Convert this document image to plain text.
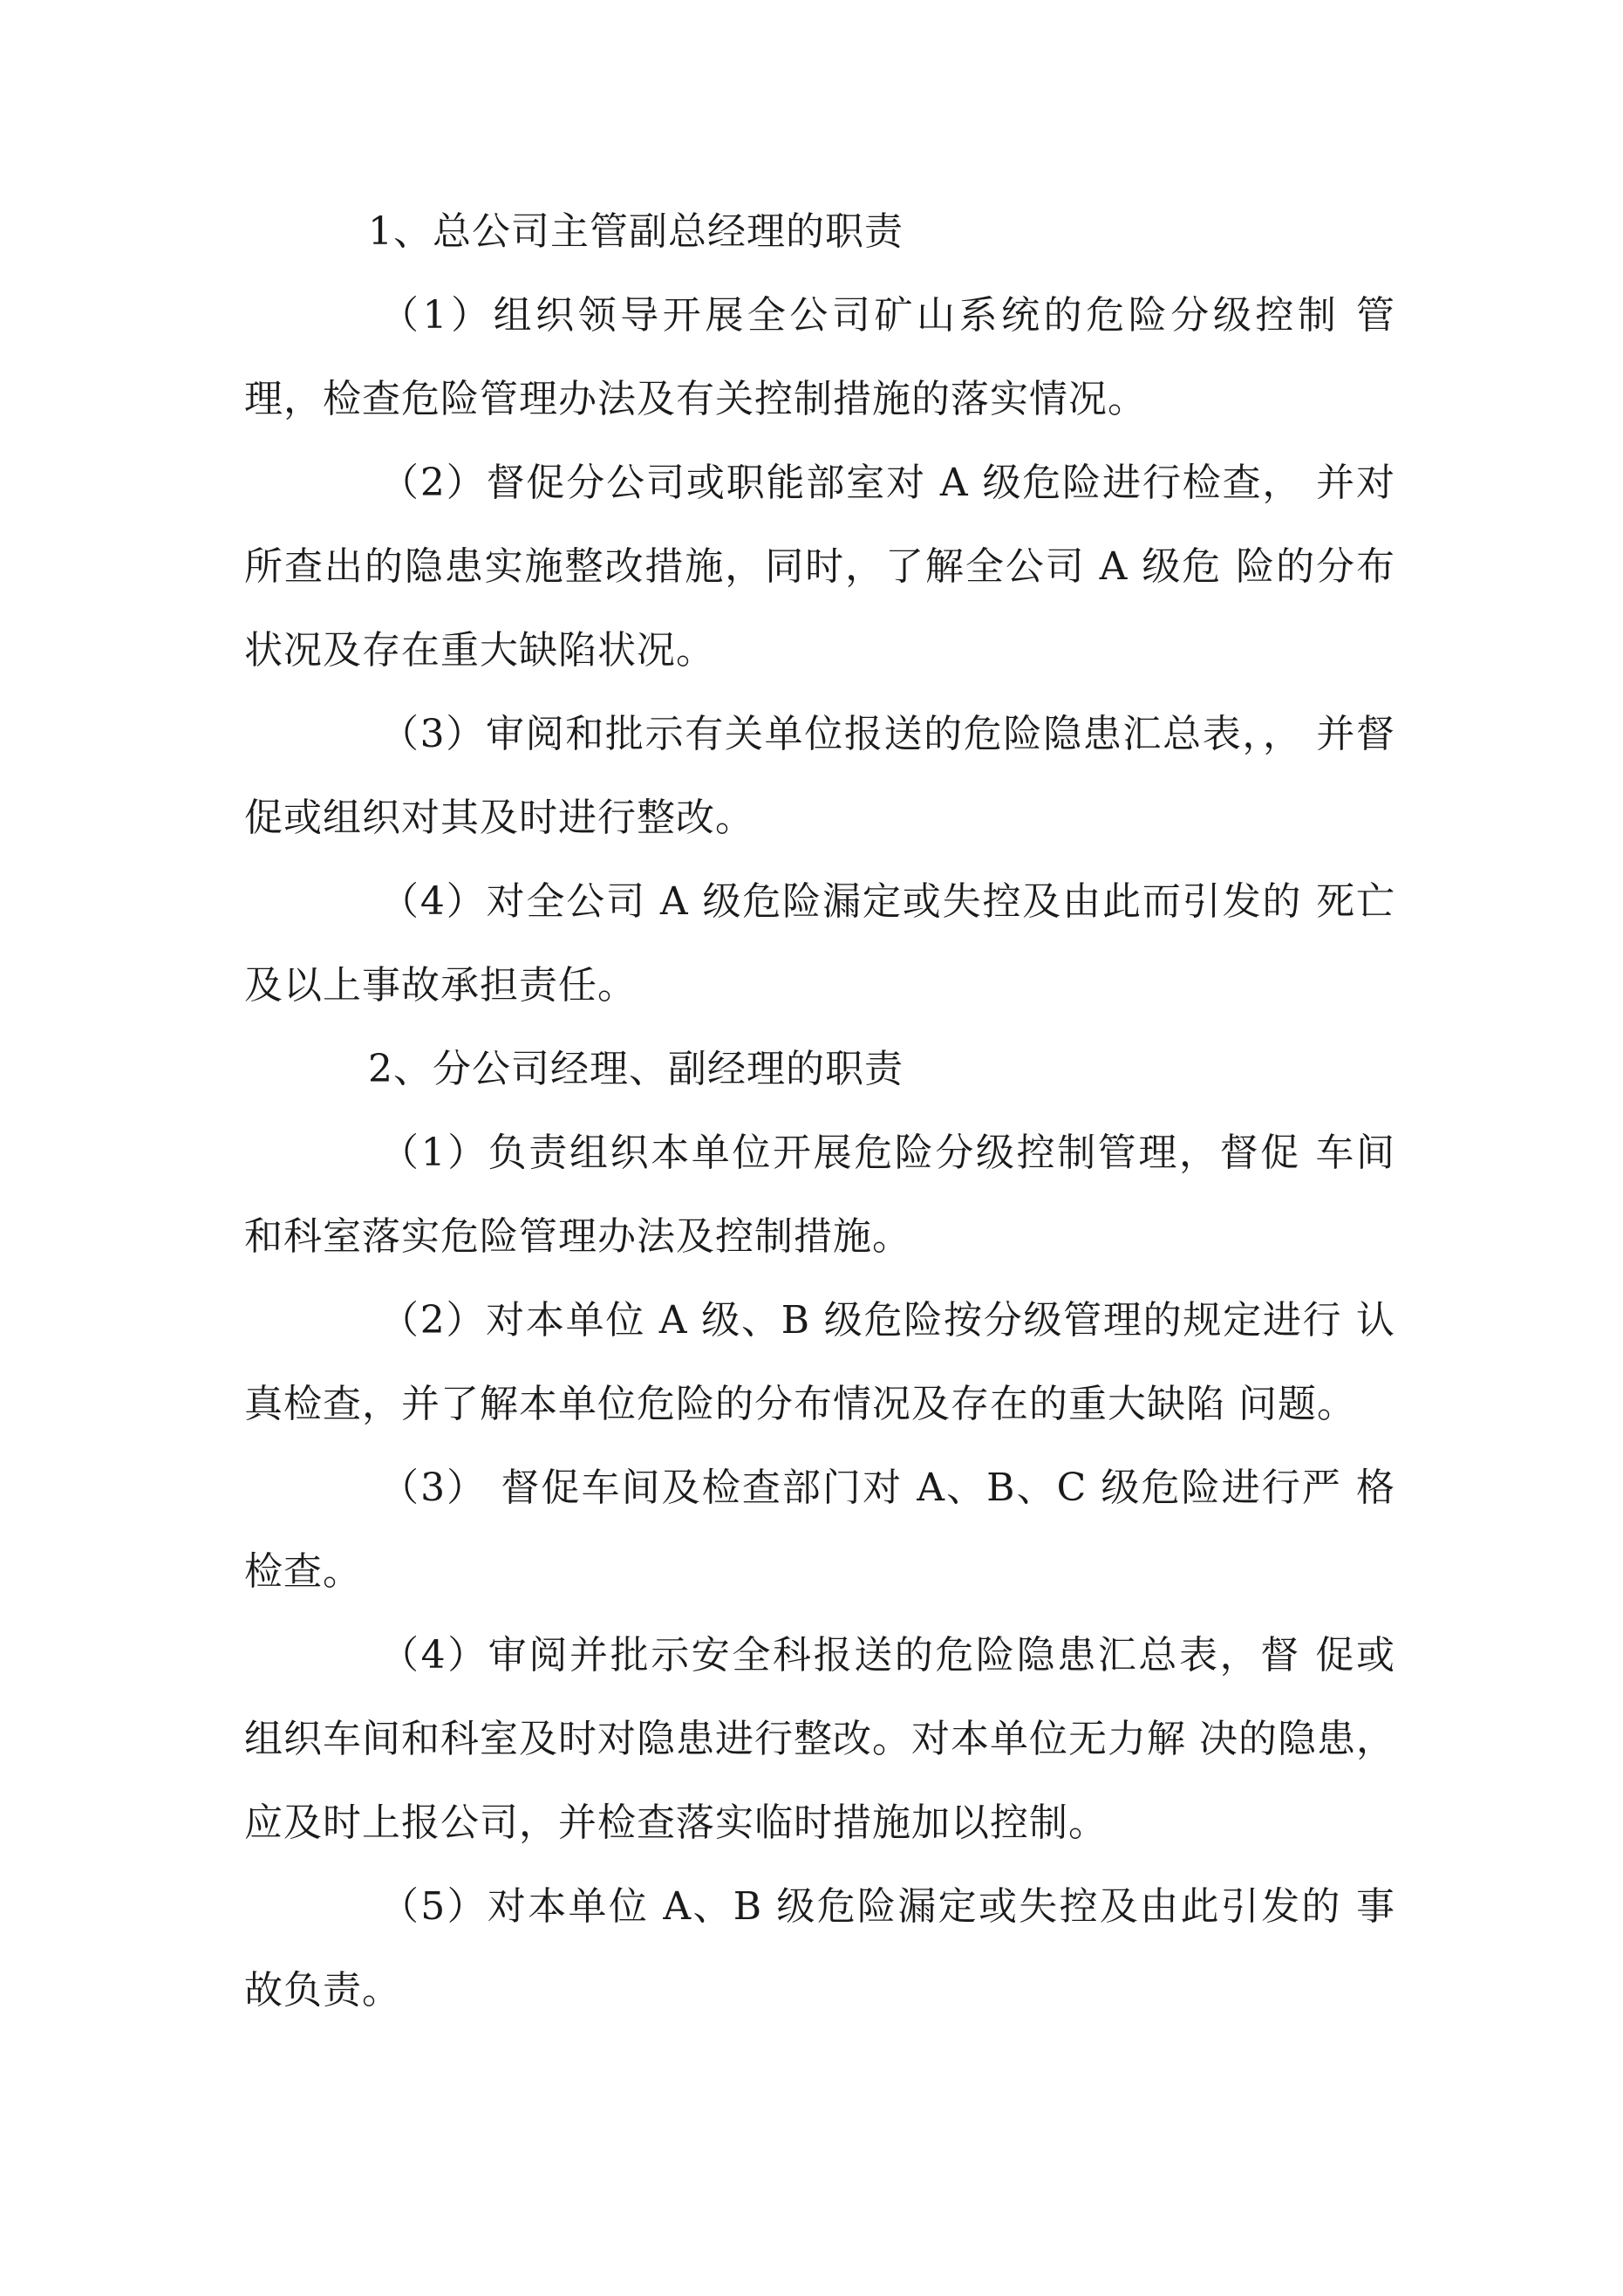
1、总公司主管副总经理的职责

（1）组织领导开展全公司矿山系统的危险分级控制 管理，检查危险管理办法及有关控制措施的落实情况。

（2）督促分公司或职能部室对 A 级危险进行检查， 并对所查出的隐患实施整改措施，同时，了解全公司 A 级危 险的分布状况及存在重大缺陷状况。

（3）审阅和批示有关单位报送的危险隐患汇总表，， 并督促或组织对其及时进行整改。

（4）对全公司 A 级危险漏定或失控及由此而引发的 死亡及以上事故承担责任。

2、分公司经理、副经理的职责

（1）负责组织本单位开展危险分级控制管理，督促 车间和科室落实危险管理办法及控制措施。

（2）对本单位 A 级、B 级危险按分级管理的规定进行 认真检查，并了解本单位危险的分布情况及存在的重大缺陷 问题。

（3） 督促车间及检查部门对 A、B、C 级危险进行严 格检查。

（4）审阅并批示安全科报送的危险隐患汇总表，督 促或组织车间和科室及时对隐患进行整改。对本单位无力解 决的隐患，应及时上报公司，并检查落实临时措施加以控制。

（5）对本单位 A、B 级危险漏定或失控及由此引发的 事故负责。
